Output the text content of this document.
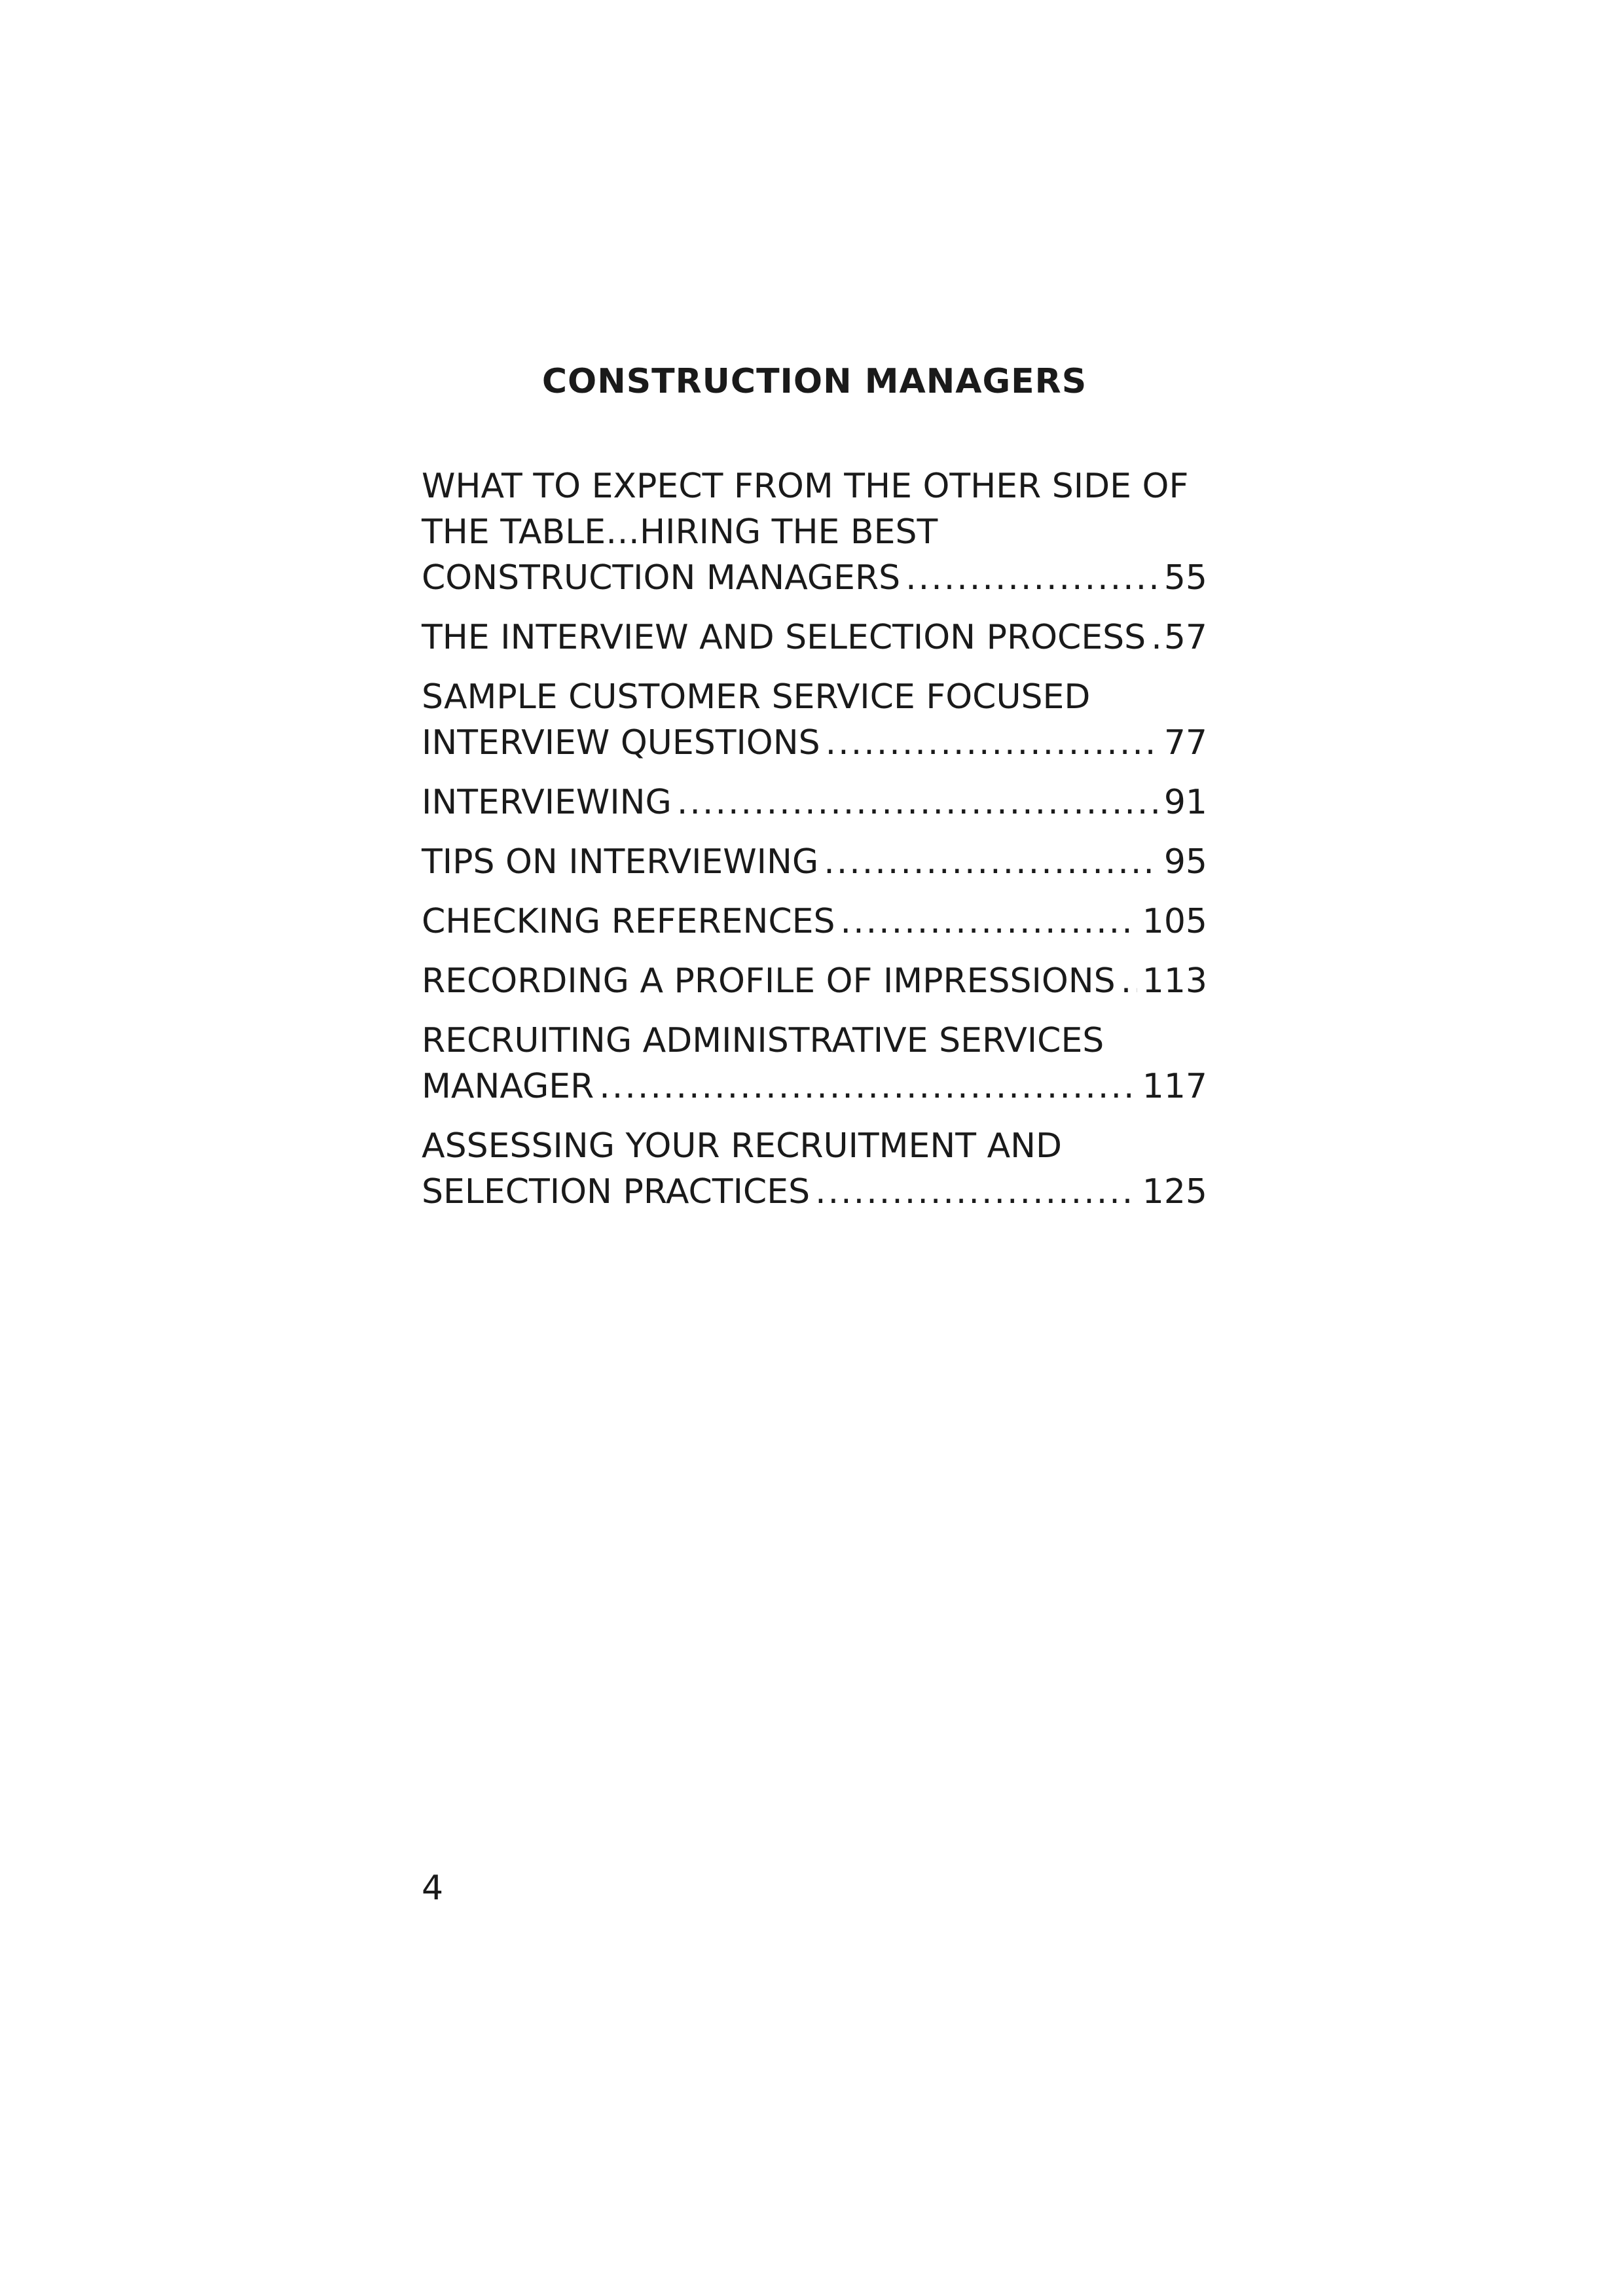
CONSTRUCTION MANAGERS
WHAT TO EXPECT FROM THE OTHER SIDE OF
THE TABLE…HIRING THE BEST
CONSTRUCTION MANAGERS .....	55
THE INTERVIEW AND SELECTION PROCESS ..... 57
SAMPLE CUSTOMER SERVICE FOCUSED
INTERVIEW QUESTIONS .....	77
INTERVIEWING .....	91
TIPS ON INTERVIEWING .....	95
CHECKING REFERENCES .....	105
RECORDING A PROFILE OF IMPRESSIONS ..... 113
RECRUITING ADMINISTRATIVE SERVICES
MANAGER .....	117
ASSESSING YOUR RECRUITMENT AND
SELECTION PRACTICES .....	125
4
